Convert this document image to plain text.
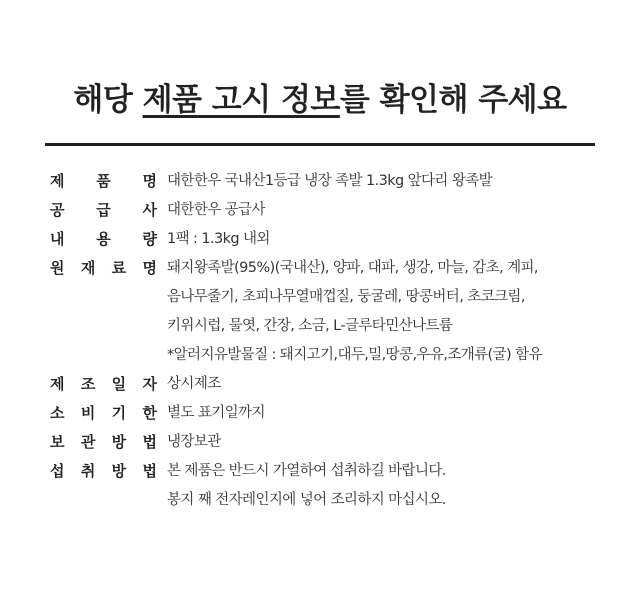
해당 제품 고시 정보를 확인해 주세요
제 품 명 대한한우 국내산1등급 냉장 족발 1.3kg 앞다리 왕족발
공 급 사 대한한우 공급사
내 용 량 1팩 : 1.3kg 내외
원 재 료 명 돼지왕족발(95%)(국내산), 양파, 대파, 생강, 마늘, 감초, 계피,
음나무줄기, 초피나무열매껍질, 둥굴레, 땅콩버터, 초코크림,
키위시럽, 물엿, 간장, 소금, L-글루타민산나트륨
*알러지유발물질 : 돼지고기,대두,밀,땅콩,우유,조개류(굴) 함유
제 조 일 자 상시제조
소 비 기 한 별도 표기일까지
보 관 방 법 냉장보관
섭 취 방 법 본 제품은 반드시 가열하여 섭취하길 바랍니다.
봉지 째 전자레인지에 넣어 조리하지 마십시오.
